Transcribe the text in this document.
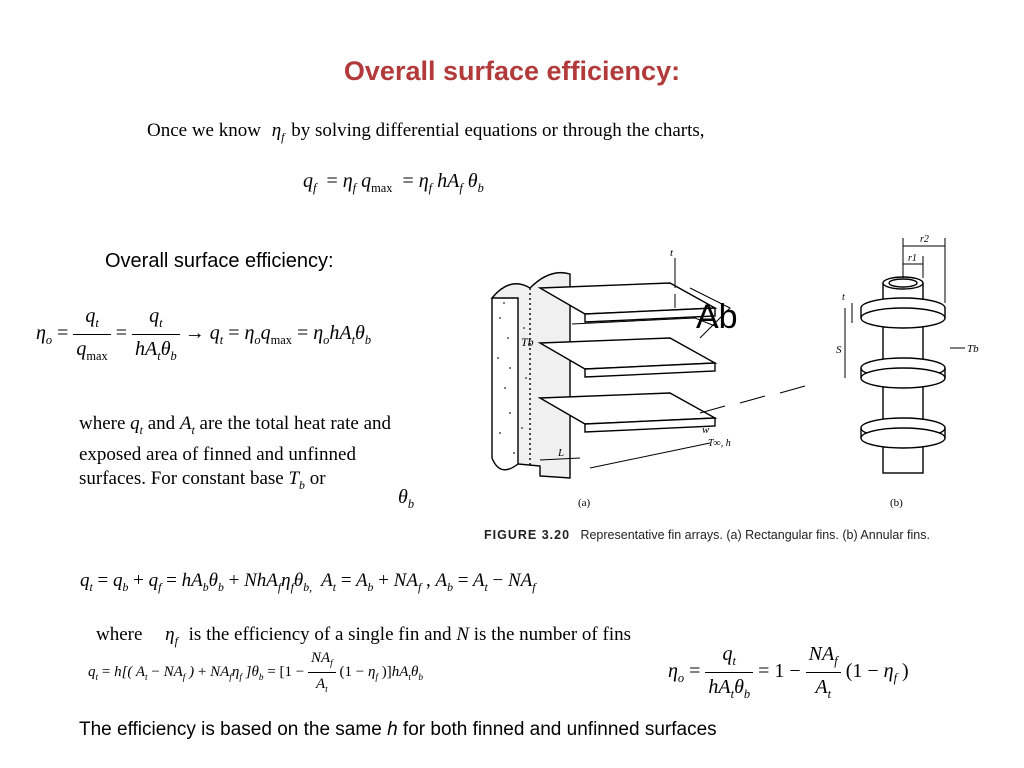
Overall surface efficiency:
Once we know $\eta_f$ by solving differential equations or through the charts,
$q_f = \eta_f$ $q_{max} = \eta_f$ $hA_f$ $\theta_b$
Overall surface efficiency:
$\eta_o = \frac{q_t}{q_{max}} = \frac{q_t}{hA_t\theta_b} \to q_t = \eta_oq_{max} = \eta_ohA_t\theta_b$
where $q_t$ and $A_t$ are the total heat rate and
exposed area of finned and unfinned
surfaces. For constant base $T_b$ or
$\theta_b$
t
Tb
w
L
T∞, h
Ab
(a)
r2
r1
t
S	Tb
(b)
FIGURE 3.20 Representative fin arrays. (a) Rectangular fins. (b) Annular fins.
$q_t = q_b + q_f = hA_b\theta_b + NhA_f\eta_f\theta_{b,}$  $A_t = A_b + NA_f$ , $A_b = A_t - NA_f$
where $\eta_f$ is the efficiency of a single fin and N is the number of fins
$q_t = h$[( $A_t - NA_f$ ) + $NA_f\eta_f$ ]$\theta_b = [1 - \frac{NA_f}{A_t} (1 - \eta_f$ )]$hA_t\theta_b$	$\eta_o = \frac{q_t}{hA_t\theta_b} = 1 - \frac{NA_f}{A_t} (1 - \eta_f$ )
The efficiency is based on the same h for both finned and unfinned surfaces
